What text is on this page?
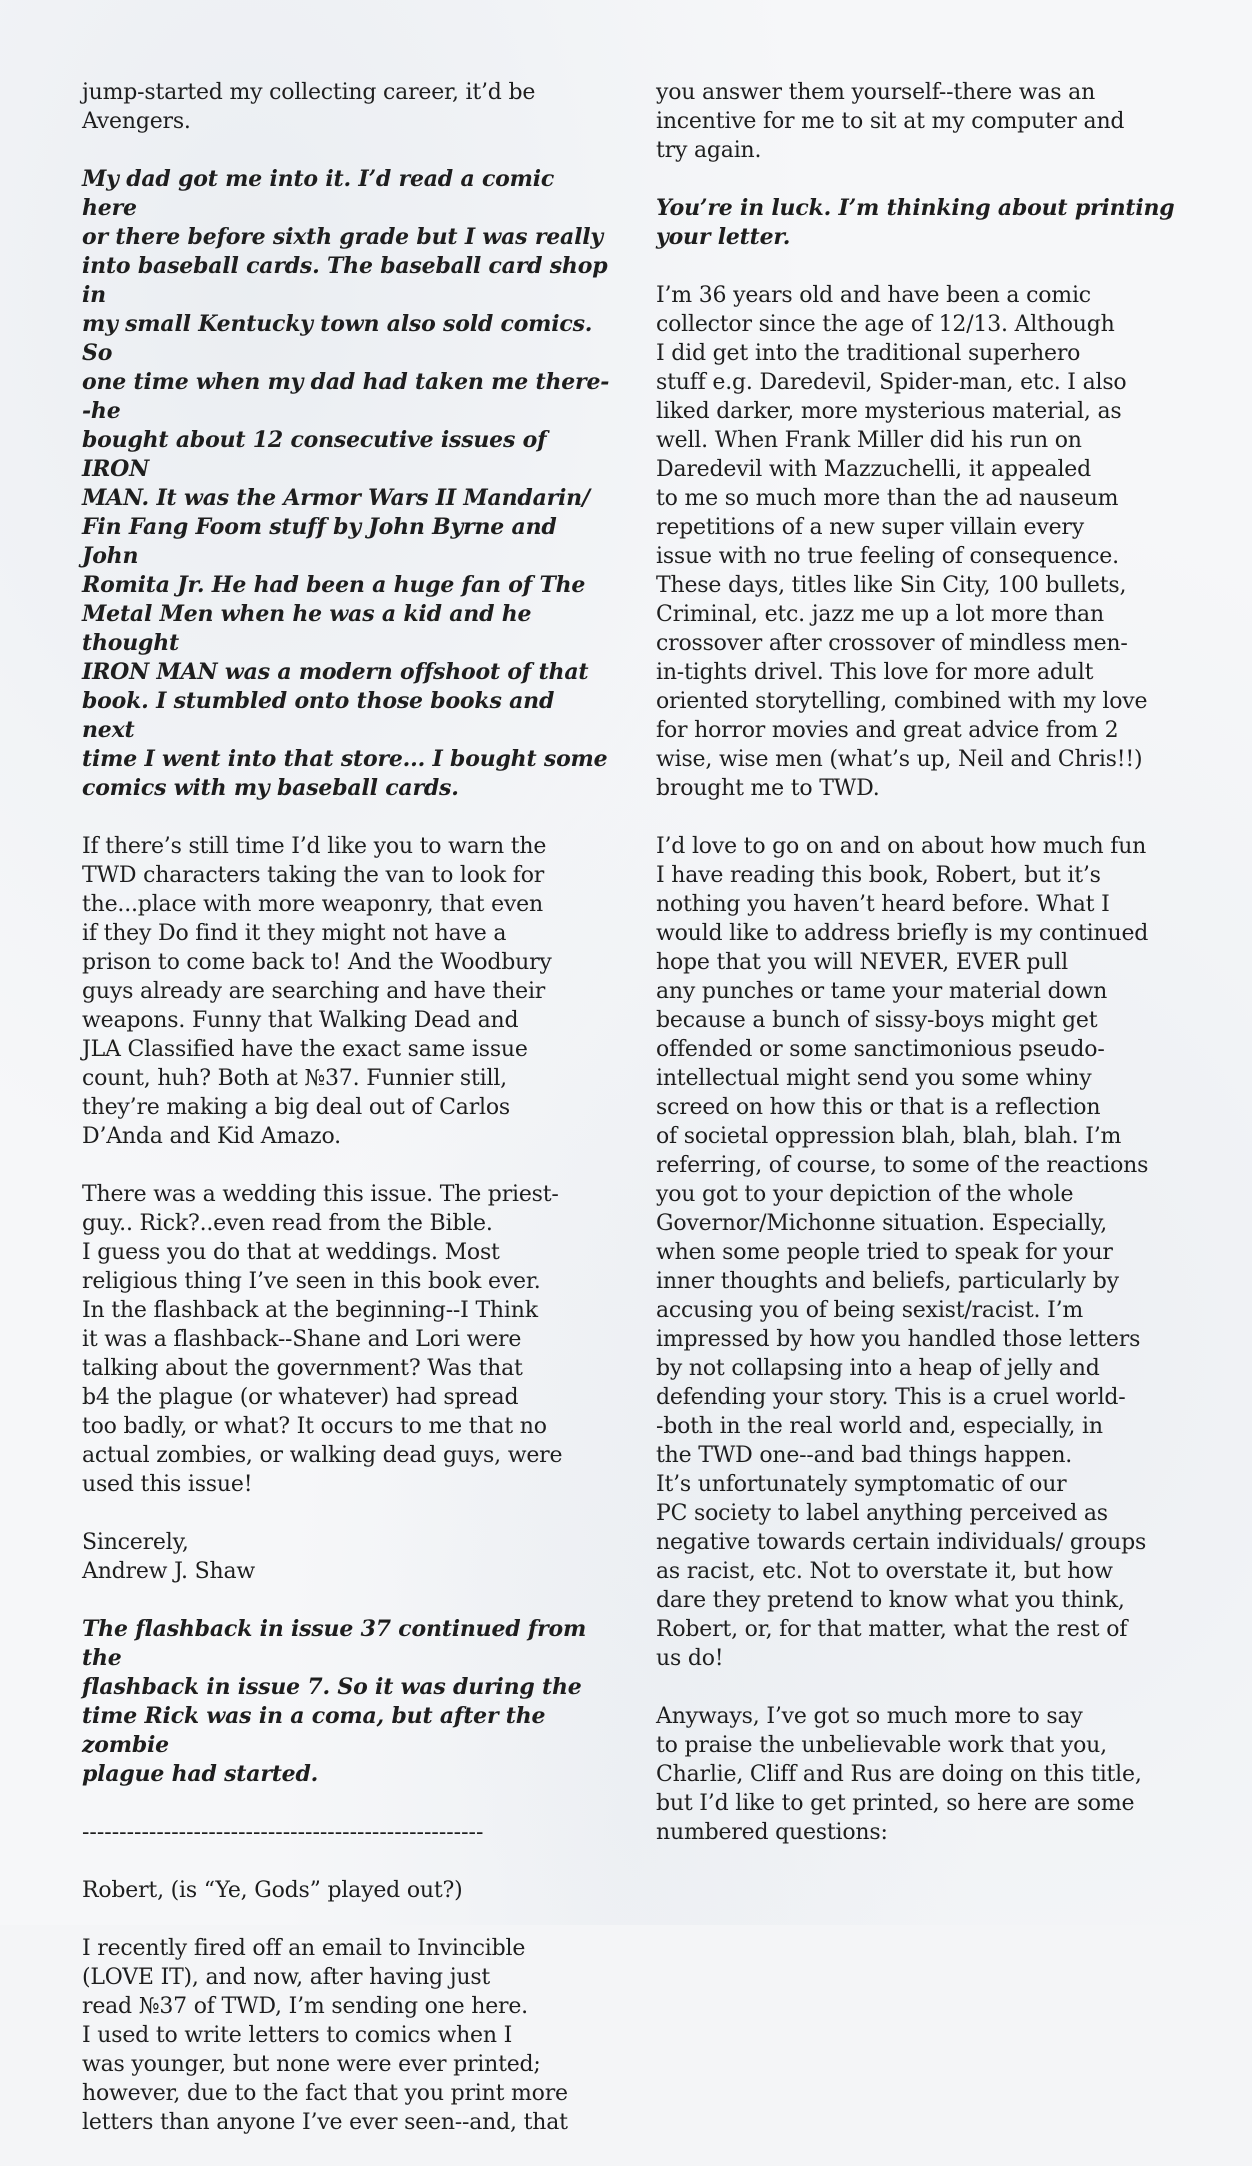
jump-started my collecting career, it’d be
Avengers.

My dad got me into it. I’d read a comic here
or there before sixth grade but I was really
into baseball cards. The baseball card shop in
my small Kentucky town also sold comics. So
one time when my dad had taken me there--he
bought about 12 consecutive issues of IRON
MAN. It was the Armor Wars II Mandarin/
Fin Fang Foom stuff by John Byrne and John
Romita Jr. He had been a huge fan of The
Metal Men when he was a kid and he thought
IRON MAN was a modern offshoot of that
book. I stumbled onto those books and next
time I went into that store... I bought some
comics with my baseball cards.

If there’s still time I’d like you to warn the
TWD characters taking the van to look for
the...place with more weaponry, that even
if they Do find it they might not have a
prison to come back to! And the Woodbury
guys already are searching and have their
weapons. Funny that Walking Dead and
JLA Classified have the exact same issue
count, huh? Both at №37. Funnier still,
they’re making a big deal out of Carlos
D’Anda and Kid Amazo.

There was a wedding this issue. The priest-
guy.. Rick?..even read from the Bible.
I guess you do that at weddings. Most
religious thing I’ve seen in this book ever.
In the flashback at the beginning--I Think
it was a flashback--Shane and Lori were
talking about the government? Was that
b4 the plague (or whatever) had spread
too badly, or what? It occurs to me that no
actual zombies, or walking dead guys, were
used this issue!

Sincerely,
Andrew J. Shaw

The flashback in issue 37 continued from the
flashback in issue 7. So it was during the
time Rick was in a coma, but after the zombie
plague had started.

------------------------------------------------------

Robert, (is “Ye, Gods” played out?)

I recently fired off an email to Invincible
(LOVE IT), and now, after having just
read №37 of TWD, I’m sending one here.
I used to write letters to comics when I
was younger, but none were ever printed;
however, due to the fact that you print more
letters than anyone I’ve ever seen--and, that

you answer them yourself--there was an
incentive for me to sit at my computer and
try again.

You’re in luck. I’m thinking about printing
your letter.

I’m 36 years old and have been a comic
collector since the age of 12/13. Although
I did get into the traditional superhero
stuff e.g. Daredevil, Spider-man, etc. I also
liked darker, more mysterious material, as
well. When Frank Miller did his run on
Daredevil with Mazzuchelli, it appealed
to me so much more than the ad nauseum
repetitions of a new super villain every
issue with no true feeling of consequence.
These days, titles like Sin City, 100 bullets,
Criminal, etc. jazz me up a lot more than
crossover after crossover of mindless men-
in-tights drivel. This love for more adult
oriented storytelling, combined with my love
for horror movies and great advice from 2
wise, wise men (what’s up, Neil and Chris!!)
brought me to TWD.

I’d love to go on and on about how much fun
I have reading this book, Robert, but it’s
nothing you haven’t heard before. What I
would like to address briefly is my continued
hope that you will NEVER, EVER pull
any punches or tame your material down
because a bunch of sissy-boys might get
offended or some sanctimonious pseudo-
intellectual might send you some whiny
screed on how this or that is a reflection
of societal oppression blah, blah, blah. I’m
referring, of course, to some of the reactions
you got to your depiction of the whole
Governor/Michonne situation. Especially,
when some people tried to speak for your
inner thoughts and beliefs, particularly by
accusing you of being sexist/racist. I’m
impressed by how you handled those letters
by not collapsing into a heap of jelly and
defending your story. This is a cruel world-
-both in the real world and, especially, in
the TWD one--and bad things happen.
It’s unfortunately symptomatic of our
PC society to label anything perceived as
negative towards certain individuals/ groups
as racist, etc. Not to overstate it, but how
dare they pretend to know what you think,
Robert, or, for that matter, what the rest of
us do!

Anyways, I’ve got so much more to say
to praise the unbelievable work that you,
Charlie, Cliff and Rus are doing on this title,
but I’d like to get printed, so here are some
numbered questions:
